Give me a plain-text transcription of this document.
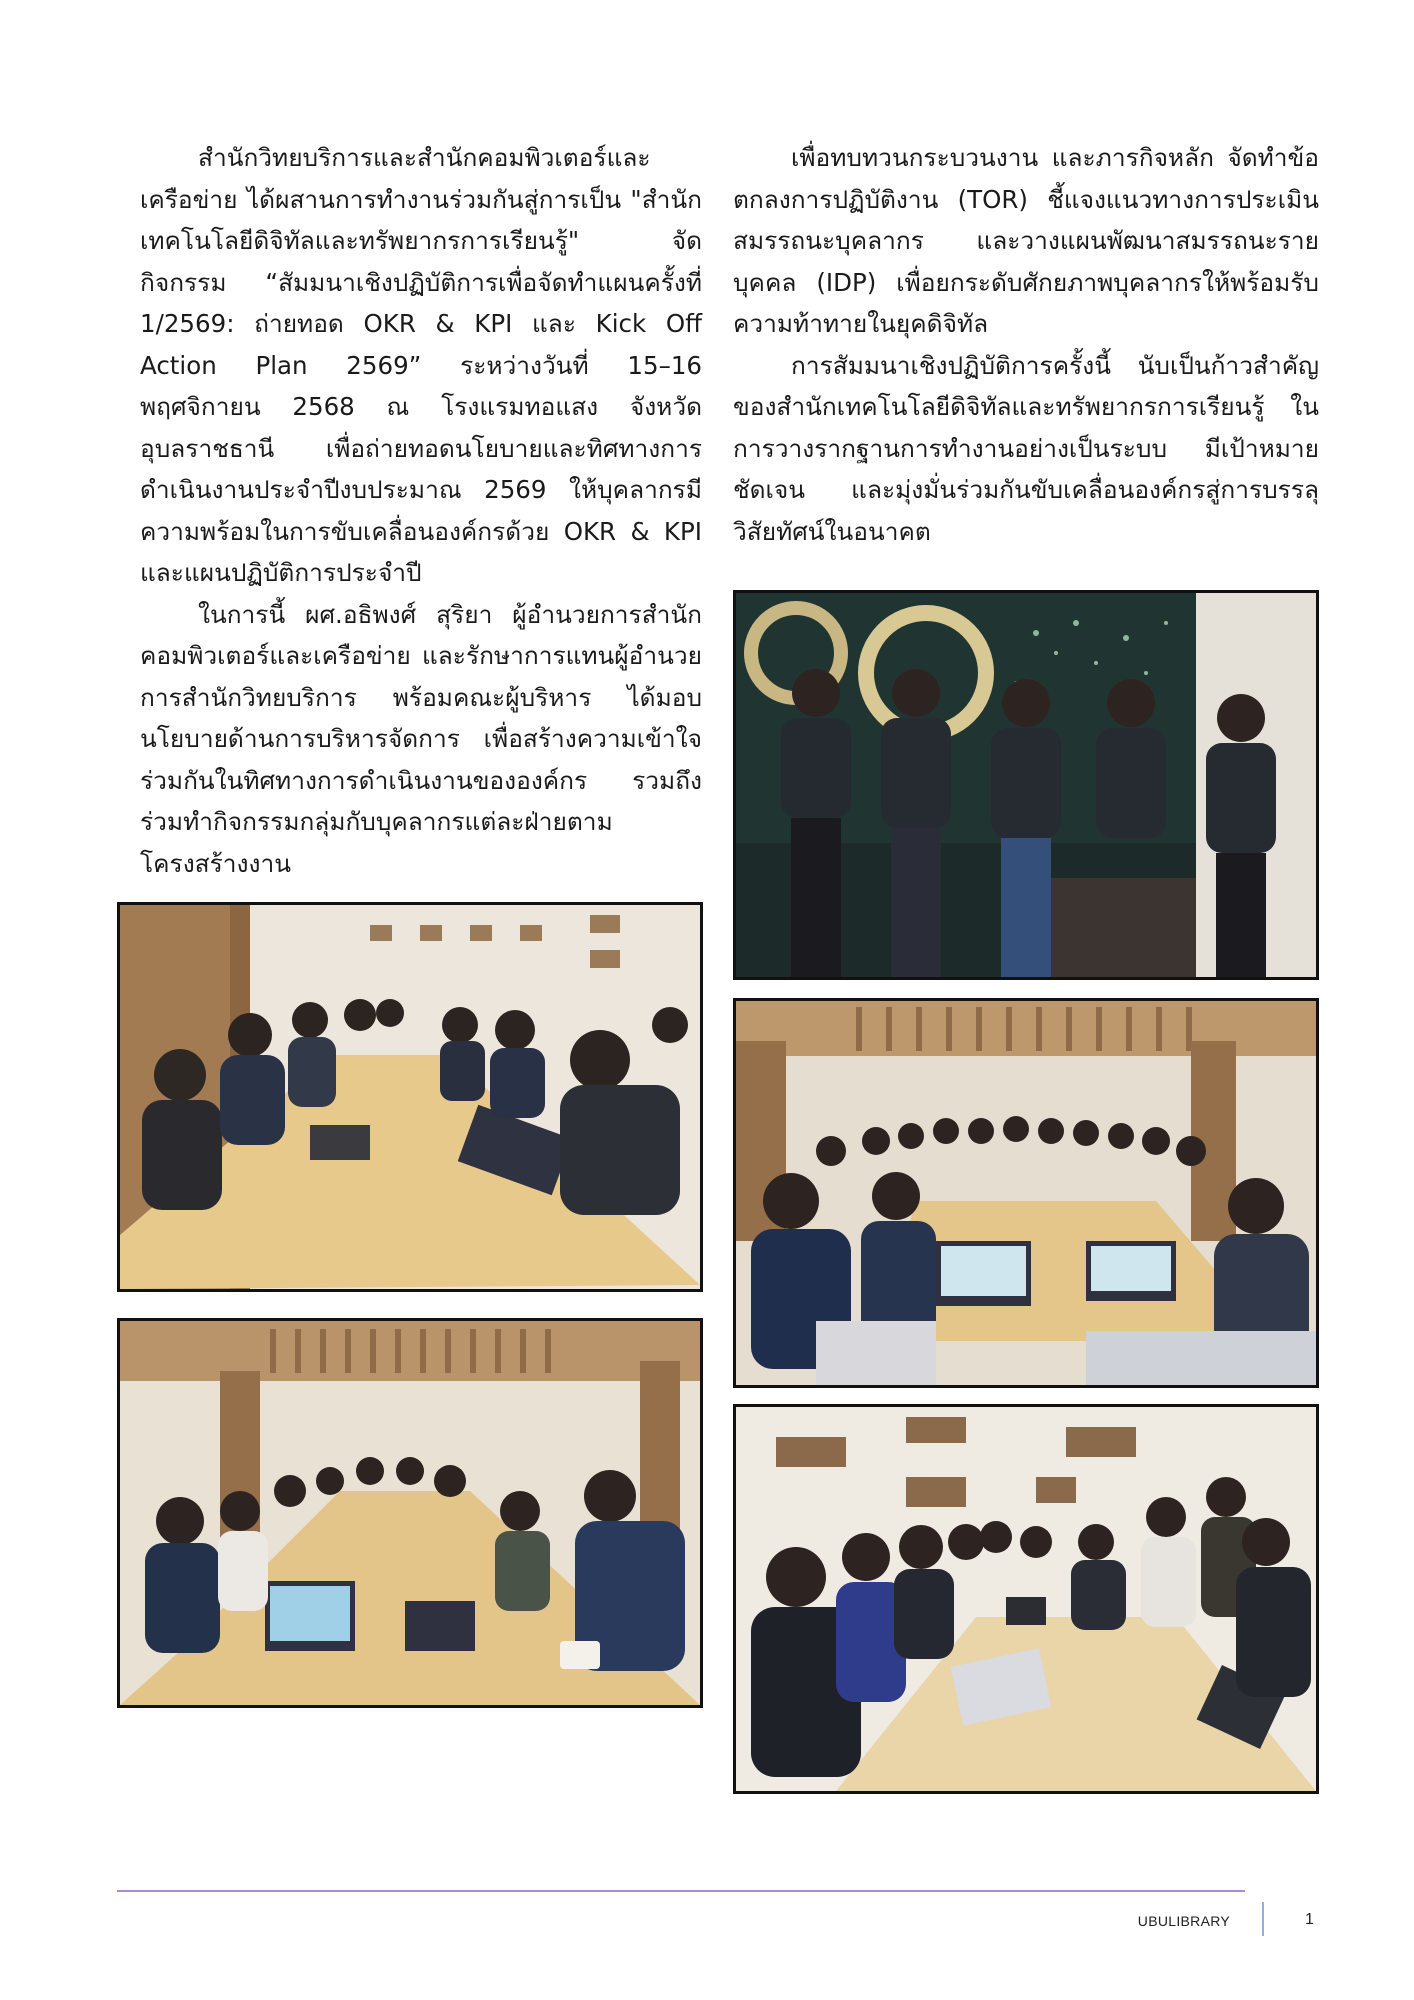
สำนักวิทยบริการและสำนักคอมพิวเตอร์และเครือข่าย ได้ผสานการทำงานร่วมกันสู่การเป็น "สำนักเทคโนโลยีดิจิทัลและทรัพยากรการเรียนรู้" จัดกิจกรรม “สัมมนาเชิงปฏิบัติการเพื่อจัดทำแผนครั้งที่ 1/2569: ถ่ายทอด OKR & KPI และ Kick Off Action Plan 2569” ระหว่างวันที่ 15–16 พฤศจิกายน 2568 ณ โรงแรมทอแสง จังหวัดอุบลราชธานี เพื่อถ่ายทอดนโยบายและทิศทางการดำเนินงานประจำปีงบประมาณ 2569 ให้บุคลากรมีความพร้อมในการขับเคลื่อนองค์กรด้วย OKR & KPI และแผนปฏิบัติการประจำปี

ในการนี้ ผศ.อธิพงศ์ สุริยา ผู้อำนวยการสำนักคอมพิวเตอร์และเครือข่าย และรักษาการแทนผู้อำนวยการสำนักวิทยบริการ พร้อมคณะผู้บริหาร ได้มอบนโยบายด้านการบริหารจัดการ เพื่อสร้างความเข้าใจร่วมกันในทิศทางการดำเนินงานขององค์กร รวมถึงร่วมทำกิจกรรมกลุ่มกับบุคลากรแต่ละฝ่ายตามโครงสร้างงาน

เพื่อทบทวนกระบวนงาน และภารกิจหลัก จัดทำข้อตกลงการปฏิบัติงาน (TOR) ชี้แจงแนวทางการประเมินสมรรถนะบุคลากร และวางแผนพัฒนาสมรรถนะรายบุคคล (IDP) เพื่อยกระดับศักยภาพบุคลากรให้พร้อมรับความท้าทายในยุคดิจิทัล

การสัมมนาเชิงปฏิบัติการครั้งนี้ นับเป็นก้าวสำคัญของสำนักเทคโนโลยีดิจิทัลและทรัพยากรการเรียนรู้ ในการวางรากฐานการทำงานอย่างเป็นระบบ มีเป้าหมายชัดเจน และมุ่งมั่นร่วมกันขับเคลื่อนองค์กรสู่การบรรลุวิสัยทัศน์ในอนาคต

UBULIBRARY	1
